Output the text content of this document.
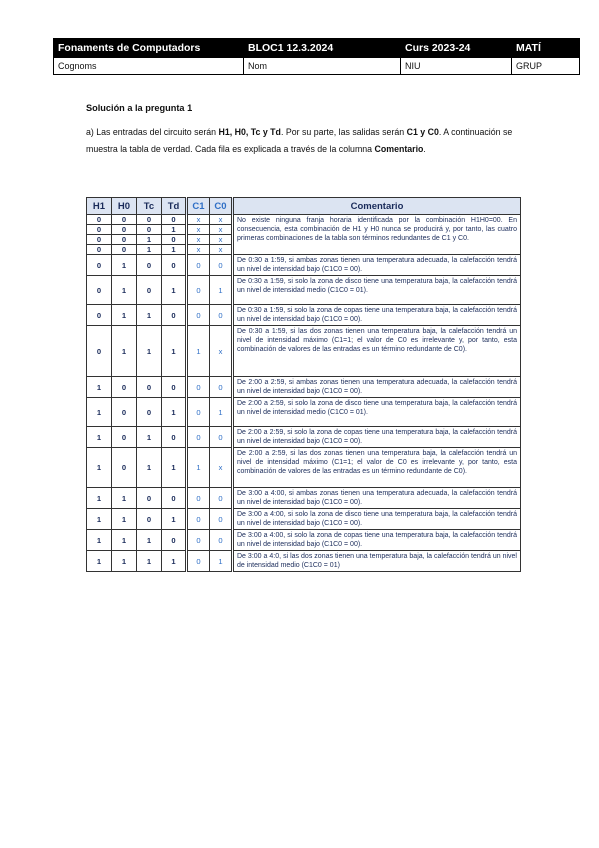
Fonaments de Computadors	BLOC1 12.3.2024	Curs 2023-24	MATÍ
Cognoms	Nom	NIU	GRUP
Solución a la pregunta 1
a) Las entradas del circuito serán H1, H0, Tc y Td. Por su parte, las salidas serán C1 y C0. A continuación se muestra la tabla de verdad. Cada fila es explicada a través de la columna Comentario.
H1	H0	Tc	Td	C1	C0	Comentario
0	0	0	0	x	x	No existe ninguna franja horaria identificada por la combinación H1H0=00. En consecuencia, esta combinación de H1 y H0 nunca se producirá y, por tanto, las cuatro primeras combinaciones de la tabla son términos redundantes de C1 y C0.
0	0	0	1	x	x	
0	0	1	0	x	x	
0	0	1	1	x	x	
0	1	0	0	0	0	De 0:30 a 1:59, si ambas zonas tienen una temperatura adecuada, la calefacción tendrá un nivel de intensidad bajo (C1C0 = 00).
0	1	0	1	0	1	De 0:30 a 1:59, si solo la zona de disco tiene una temperatura baja, la calefacción tendrá un nivel de intensidad medio (C1C0 = 01).
0	1	1	0	0	0	De 0:30 a 1:59, si solo la zona de copas tiene una temperatura baja, la calefacción tendrá un nivel de intensidad bajo (C1C0 = 00).
0	1	1	1	1	x	De 0:30 a 1:59, si las dos zonas tienen una temperatura baja, la calefacción tendrá un nivel de intensidad máximo (C1=1; el valor de C0 es irrelevante y, por tanto, esta combinación de valores de las entradas es un término redundante de C0).
1	0	0	0	0	0	De 2:00 a 2:59, si ambas zonas tienen una temperatura adecuada, la calefacción tendrá un nivel de intensidad bajo (C1C0 = 00).
1	0	0	1	0	1	De 2:00 a 2:59, si solo la zona de disco tiene una temperatura baja, la calefacción tendrá un nivel de intensidad medio (C1C0 = 01).
1	0	1	0	0	0	De 2:00 a 2:59, si solo la zona de copas tiene una temperatura baja, la calefacción tendrá un nivel de intensidad bajo (C1C0 = 00).
1	0	1	1	1	x	De 2:00 a 2:59, si las dos zonas tienen una temperatura baja, la calefacción tendrá un nivel de intensidad máximo (C1=1; el valor de C0 es irrelevante y, por tanto, esta combinación de valores de las entradas es un término redundante de C0).
1	1	0	0	0	0	De 3:00 a 4:00, si ambas zonas tienen una temperatura adecuada, la calefacción tendrá un nivel de intensidad bajo (C1C0 = 00).
1	1	0	1	0	0	De 3:00 a 4:00, si solo la zona de disco tiene una temperatura baja, la calefacción tendrá un nivel de intensidad bajo (C1C0 = 00).
1	1	1	0	0	0	De 3:00 a 4:00, si solo la zona de copas tiene una temperatura baja, la calefacción tendrá un nivel de intensidad bajo (C1C0 = 00).
1	1	1	1	0	1	De 3:00 a 4:0, si las dos zonas tienen una temperatura baja, la calefacción tendrá un nivel de intensidad medio (C1C0 = 01)
